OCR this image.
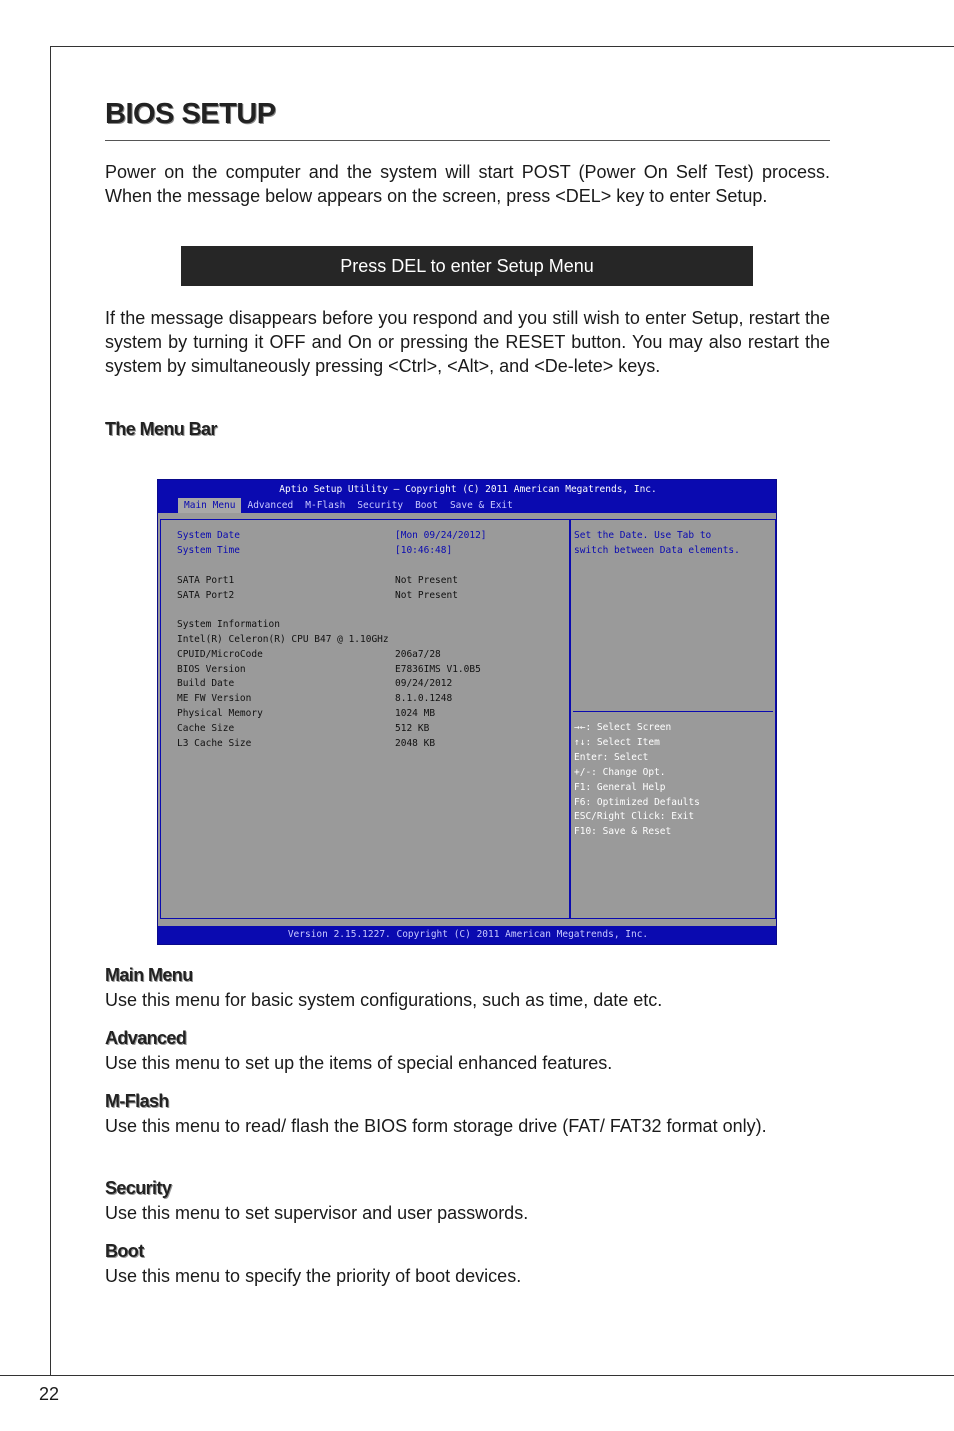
BIOS SETUP

Power on the computer and the system will start POST (Power On Self Test) process. When the message below appears on the screen, press <DEL> key to enter Setup.

Press DEL to enter Setup Menu

If the message disappears before you respond and you still wish to enter Setup, restart the system by turning it OFF and On or pressing the RESET button. You may also restart the system by simultaneously pressing <Ctrl>, <Alt>, and <De-lete> keys.

The Menu Bar
Aptio Setup Utility – Copyright (C) 2011 American Megatrends, Inc.
Main Menu	Advanced	M-Flash	Security	Boot	Save & Exit
System Date	[Mon 09/24/2012]
System Time	[10:46:48]
SATA Port1	Not Present
SATA Port2	Not Present
System Information
Intel(R) Celeron(R) CPU B47 @ 1.10GHz
CPUID/MicroCode	206a7/28
BIOS Version	E7836IMS V1.0B5
Build Date	09/24/2012
ME FW Version	8.1.0.1248
Physical Memory	1024 MB
Cache Size	512 KB
L3 Cache Size	2048 KB
Set the Date. Use Tab to
switch between Data elements.
→←: Select Screen
↑↓: Select Item
Enter: Select
+/-: Change Opt.
F1: General Help
F6: Optimized Defaults
ESC/Right Click: Exit
F10: Save & Reset
Version 2.15.1227. Copyright (C) 2011 American Megatrends, Inc.
Main Menu

Use this menu for basic system configurations, such as time, date etc.

Advanced

Use this menu to set up the items of special enhanced features.

M-Flash

Use this menu to read/ flash the BIOS form storage drive (FAT/ FAT32 format only).

Security

Use this menu to set supervisor and user passwords.

Boot

Use this menu to specify the priority of boot devices.

22
